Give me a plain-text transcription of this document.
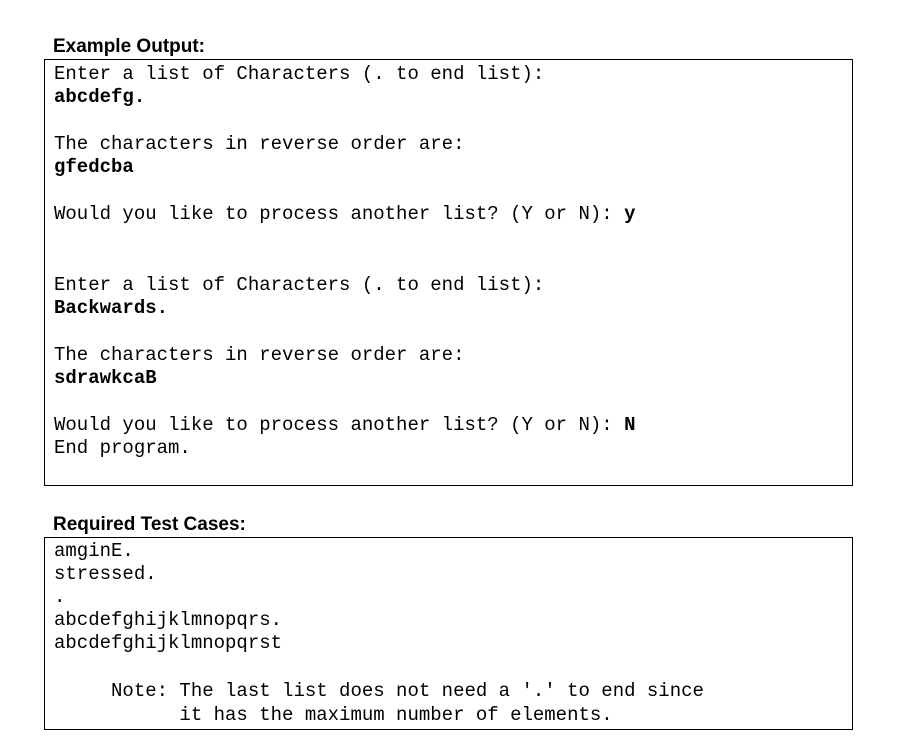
Example Output:
Enter a list of Characters (. to end list):
abcdefg.
The characters in reverse order are:
gfedcba
Would you like to process another list? (Y or N): y
Enter a list of Characters (. to end list):
Backwards.
The characters in reverse order are:
sdrawkcaB
Would you like to process another list? (Y or N): N
End program.
Required Test Cases:
amginE.
stressed.
.
abcdefghijklmnopqrs.
abcdefghijklmnopqrst
Note: The last list does not need a '.' to end since
it has the maximum number of elements.
